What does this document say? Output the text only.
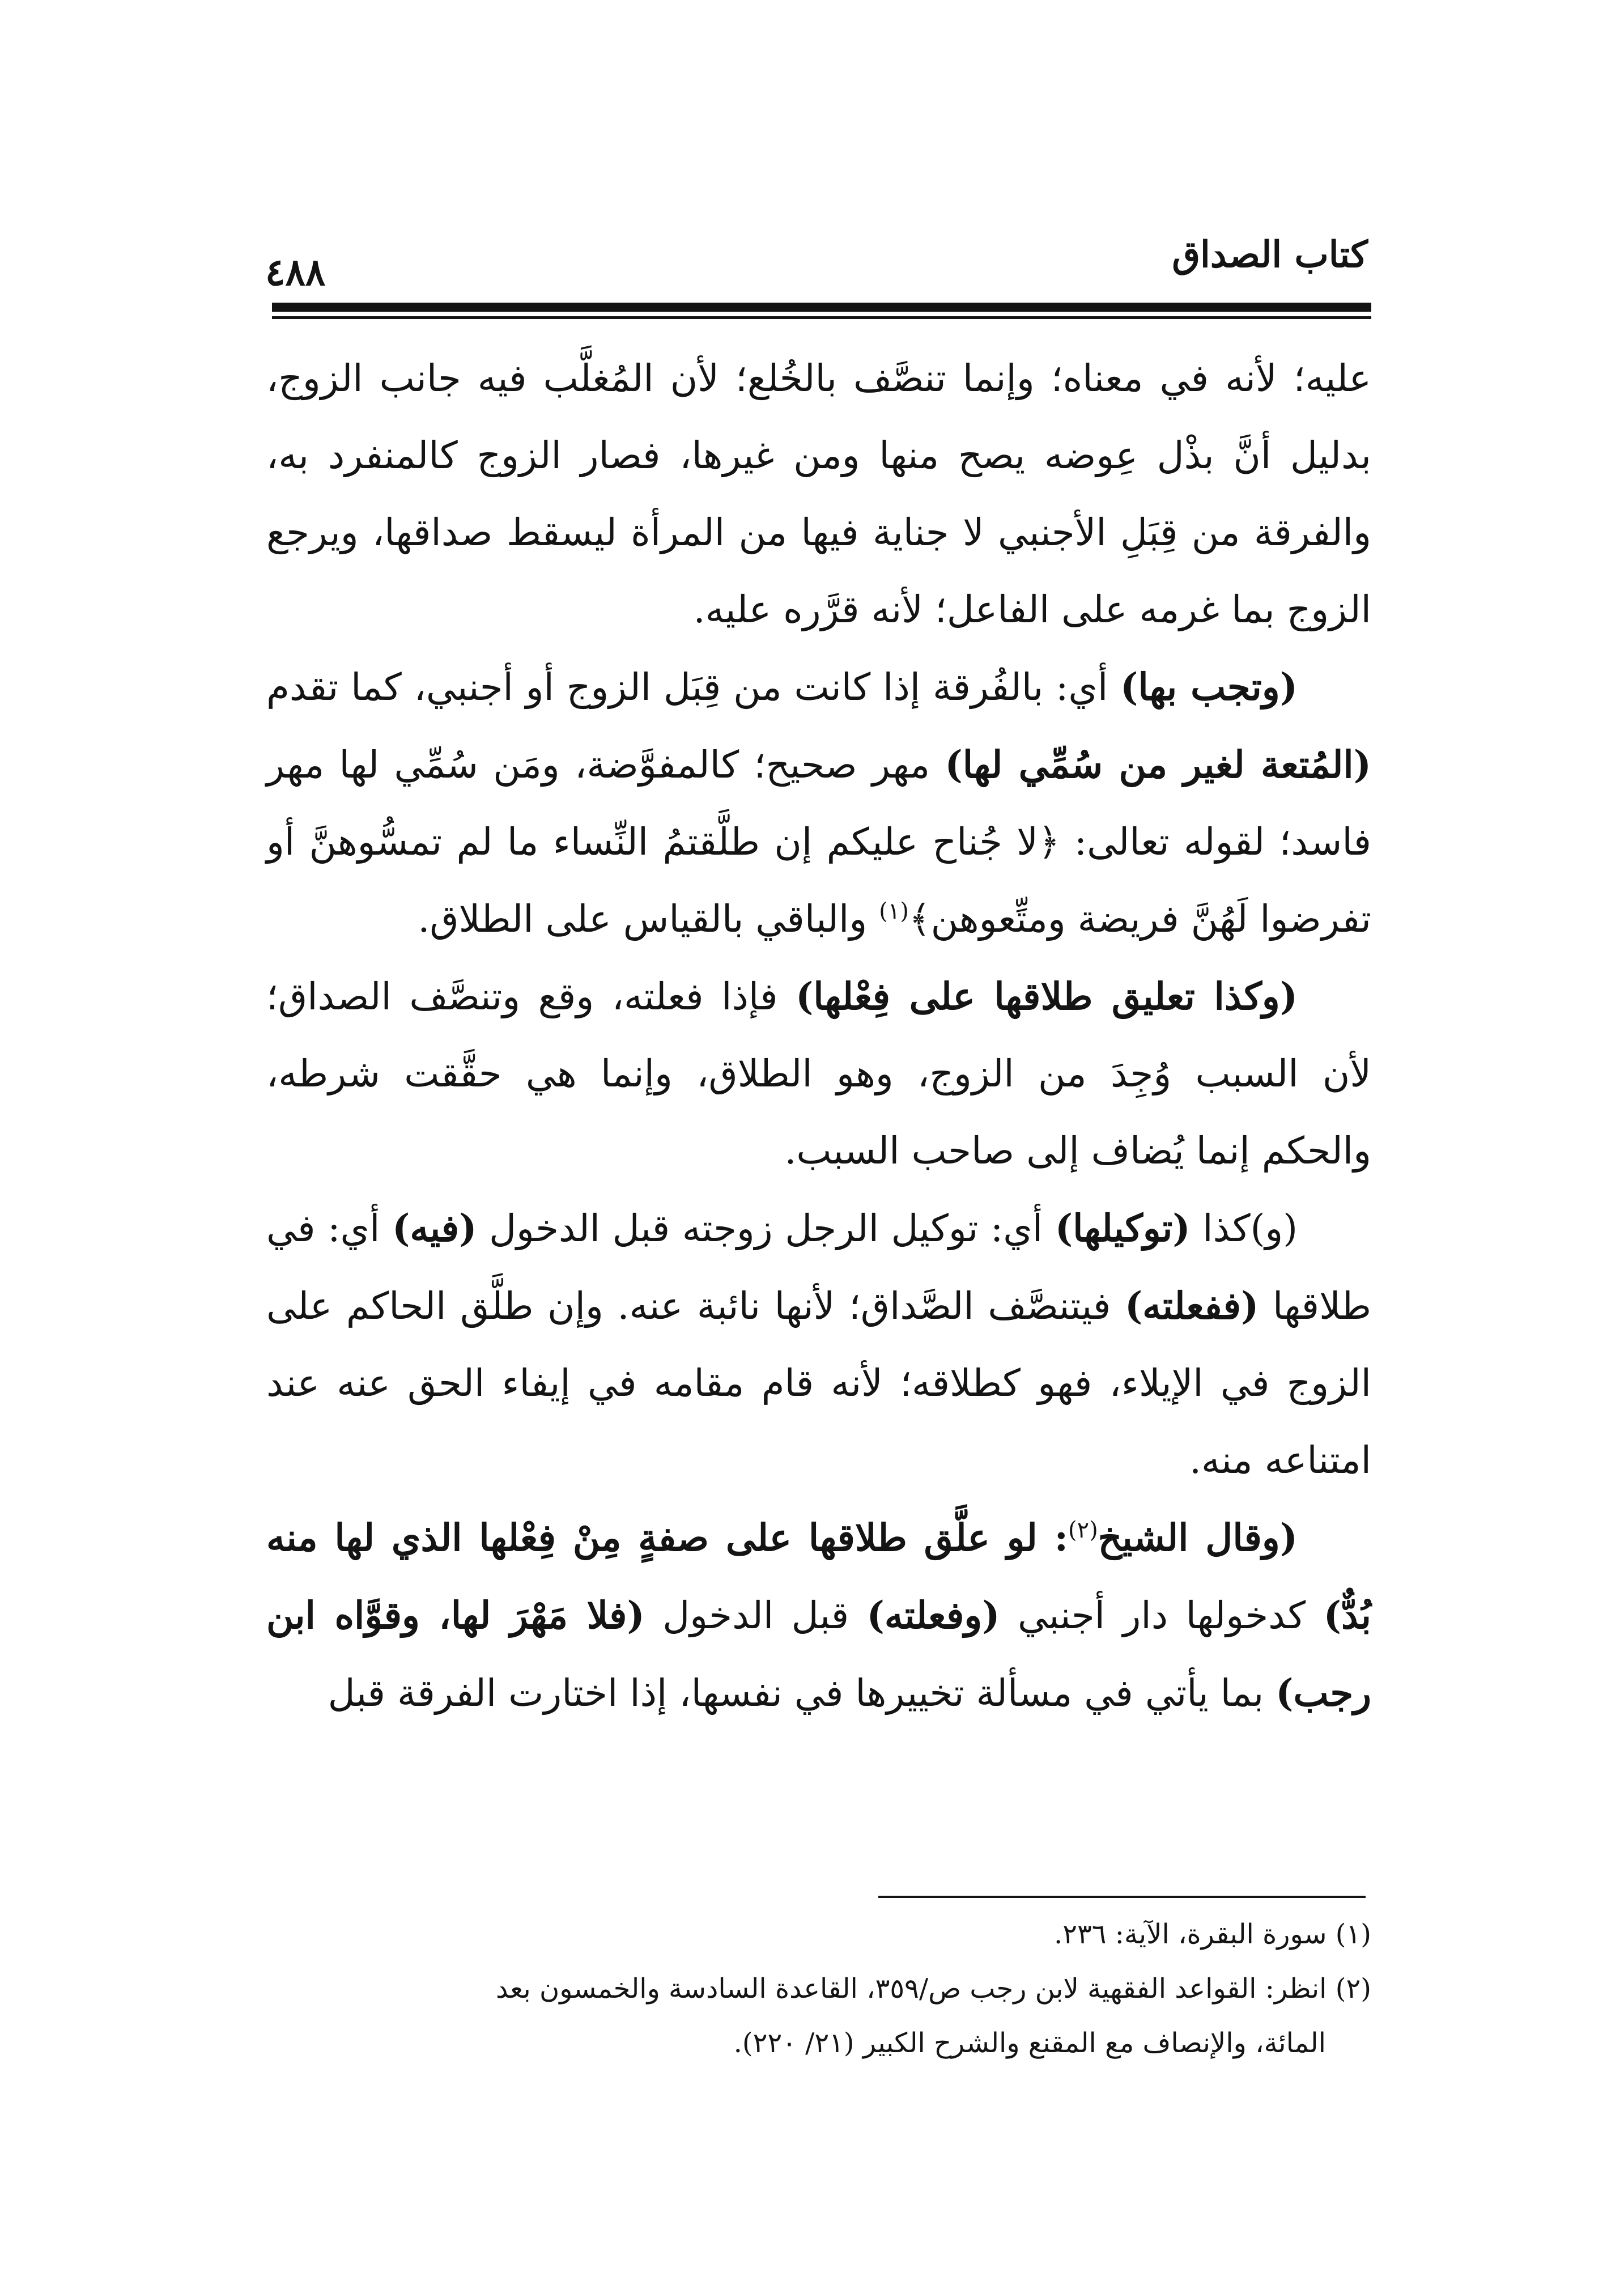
كتاب الصداق
٤٨٨

عليه؛ لأنه في معناه؛ وإنما تنصَّف بالخُلع؛ لأن المُغلَّب فيه جانب الزوج، بدليل أنَّ بذْل عِوضه يصح منها ومن غيرها، فصار الزوج كالمنفرد به، والفرقة من قِبَلِ الأجنبي لا جناية فيها من المرأة ليسقط صداقها، ويرجع الزوج بما غرمه على الفاعل؛ لأنه قرَّره عليه.

(وتجب بها) أي: بالفُرقة إذا كانت من قِبَل الزوج أو أجنبي، كما تقدم (المُتعة لغير من سُمِّي لها) مهر صحيح؛ كالمفوَّضة، ومَن سُمِّي لها مهر فاسد؛ لقوله تعالى: ﴿لا جُناح عليكم إن طلَّقتمُ النِّساء ما لم تمسُّوهنَّ أو تفرضوا لَهُنَّ فريضة ومتِّعوهن﴾$^{(١)}$ والباقي بالقياس على الطلاق.

(وكذا تعليق طلاقها على فِعْلها) فإذا فعلته، وقع وتنصَّف الصداق؛ لأن السبب وُجِدَ من الزوج، وهو الطلاق، وإنما هي حقَّقت شرطه، والحكم إنما يُضاف إلى صاحب السبب.

(و)كذا (توكيلها) أي: توكيل الرجل زوجته قبل الدخول (فيه) أي: في طلاقها (ففعلته) فيتنصَّف الصَّداق؛ لأنها نائبة عنه. وإن طلَّق الحاكم على الزوج في الإيلاء، فهو كطلاقه؛ لأنه قام مقامه في إيفاء الحق عنه عند امتناعه منه.

(وقال الشيخ$^{(٢)}$: لو علَّق طلاقها على صفةٍ مِنْ فِعْلها الذي لها منه بُدٌّ) كدخولها دار أجنبي (وفعلته) قبل الدخول (فلا مَهْرَ لها، وقوَّاه ابن رجب) بما يأتي في مسألة تخييرها في نفسها، إذا اختارت الفرقة قبل

(١) سورة البقرة، الآية: ٢٣٦.

(٢) انظر: القواعد الفقهية لابن رجب ص/٣٥٩، القاعدة السادسة والخمسون بعد

المائة، والإنصاف مع المقنع والشرح الكبير (٢١/ ٢٢٠).
